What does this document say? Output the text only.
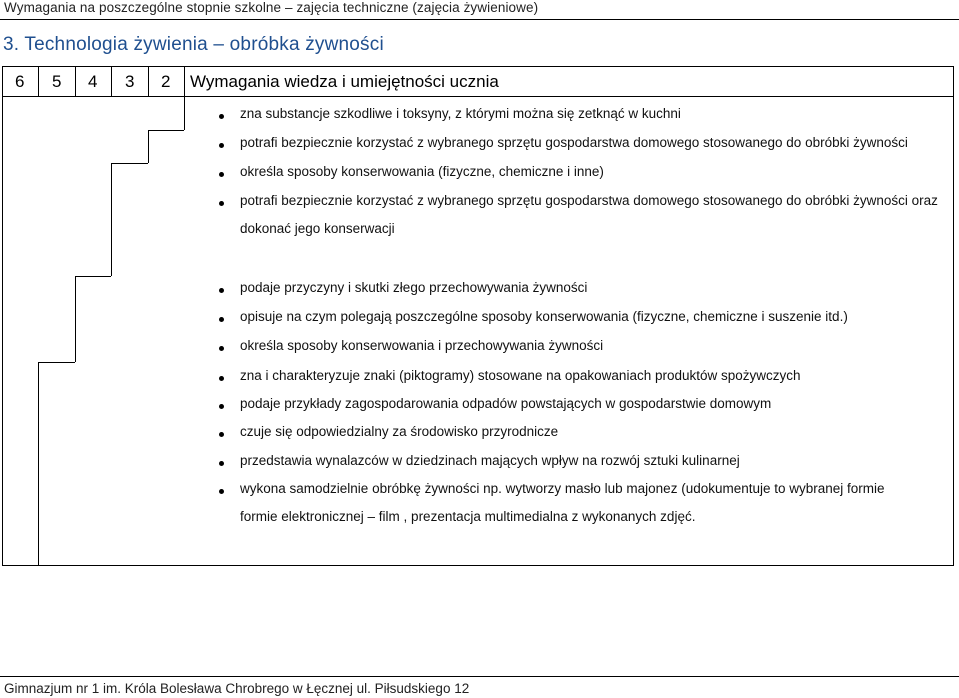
Wymagania na poszczególne stopnie szkolne – zajęcia techniczne (zajęcia żywieniowe)
3. Technologia żywienia – obróbka żywności
6 5 4 3 2 Wymagania wiedza i umiejętności ucznia
zna substancje szkodliwe i toksyny, z którymi można się zetknąć w kuchni
potrafi bezpiecznie korzystać z wybranego sprzętu gospodarstwa domowego stosowanego do obróbki żywności
określa sposoby konserwowania (fizyczne, chemiczne i inne)
potrafi bezpiecznie korzystać z wybranego sprzętu gospodarstwa domowego stosowanego do obróbki żywności oraz
dokonać jego konserwacji
podaje przyczyny i skutki złego przechowywania żywności
opisuje na czym polegają poszczególne sposoby konserwowania (fizyczne, chemiczne i suszenie itd.)
określa sposoby konserwowania i przechowywania żywności
zna i charakteryzuje znaki (piktogramy) stosowane na opakowaniach produktów spożywczych
podaje przykłady zagospodarowania odpadów powstających w gospodarstwie domowym
czuje się odpowiedzialny za środowisko przyrodnicze
przedstawia wynalazców w dziedzinach mających wpływ na rozwój sztuki kulinarnej
wykona samodzielnie obróbkę żywności np. wytworzy masło lub majonez (udokumentuje to wybranej formie
formie elektronicznej – film , prezentacja multimedialna z wykonanych zdjęć.
Gimnazjum nr 1 im. Króla Bolesława Chrobrego w Łęcznej ul. Piłsudskiego 12
